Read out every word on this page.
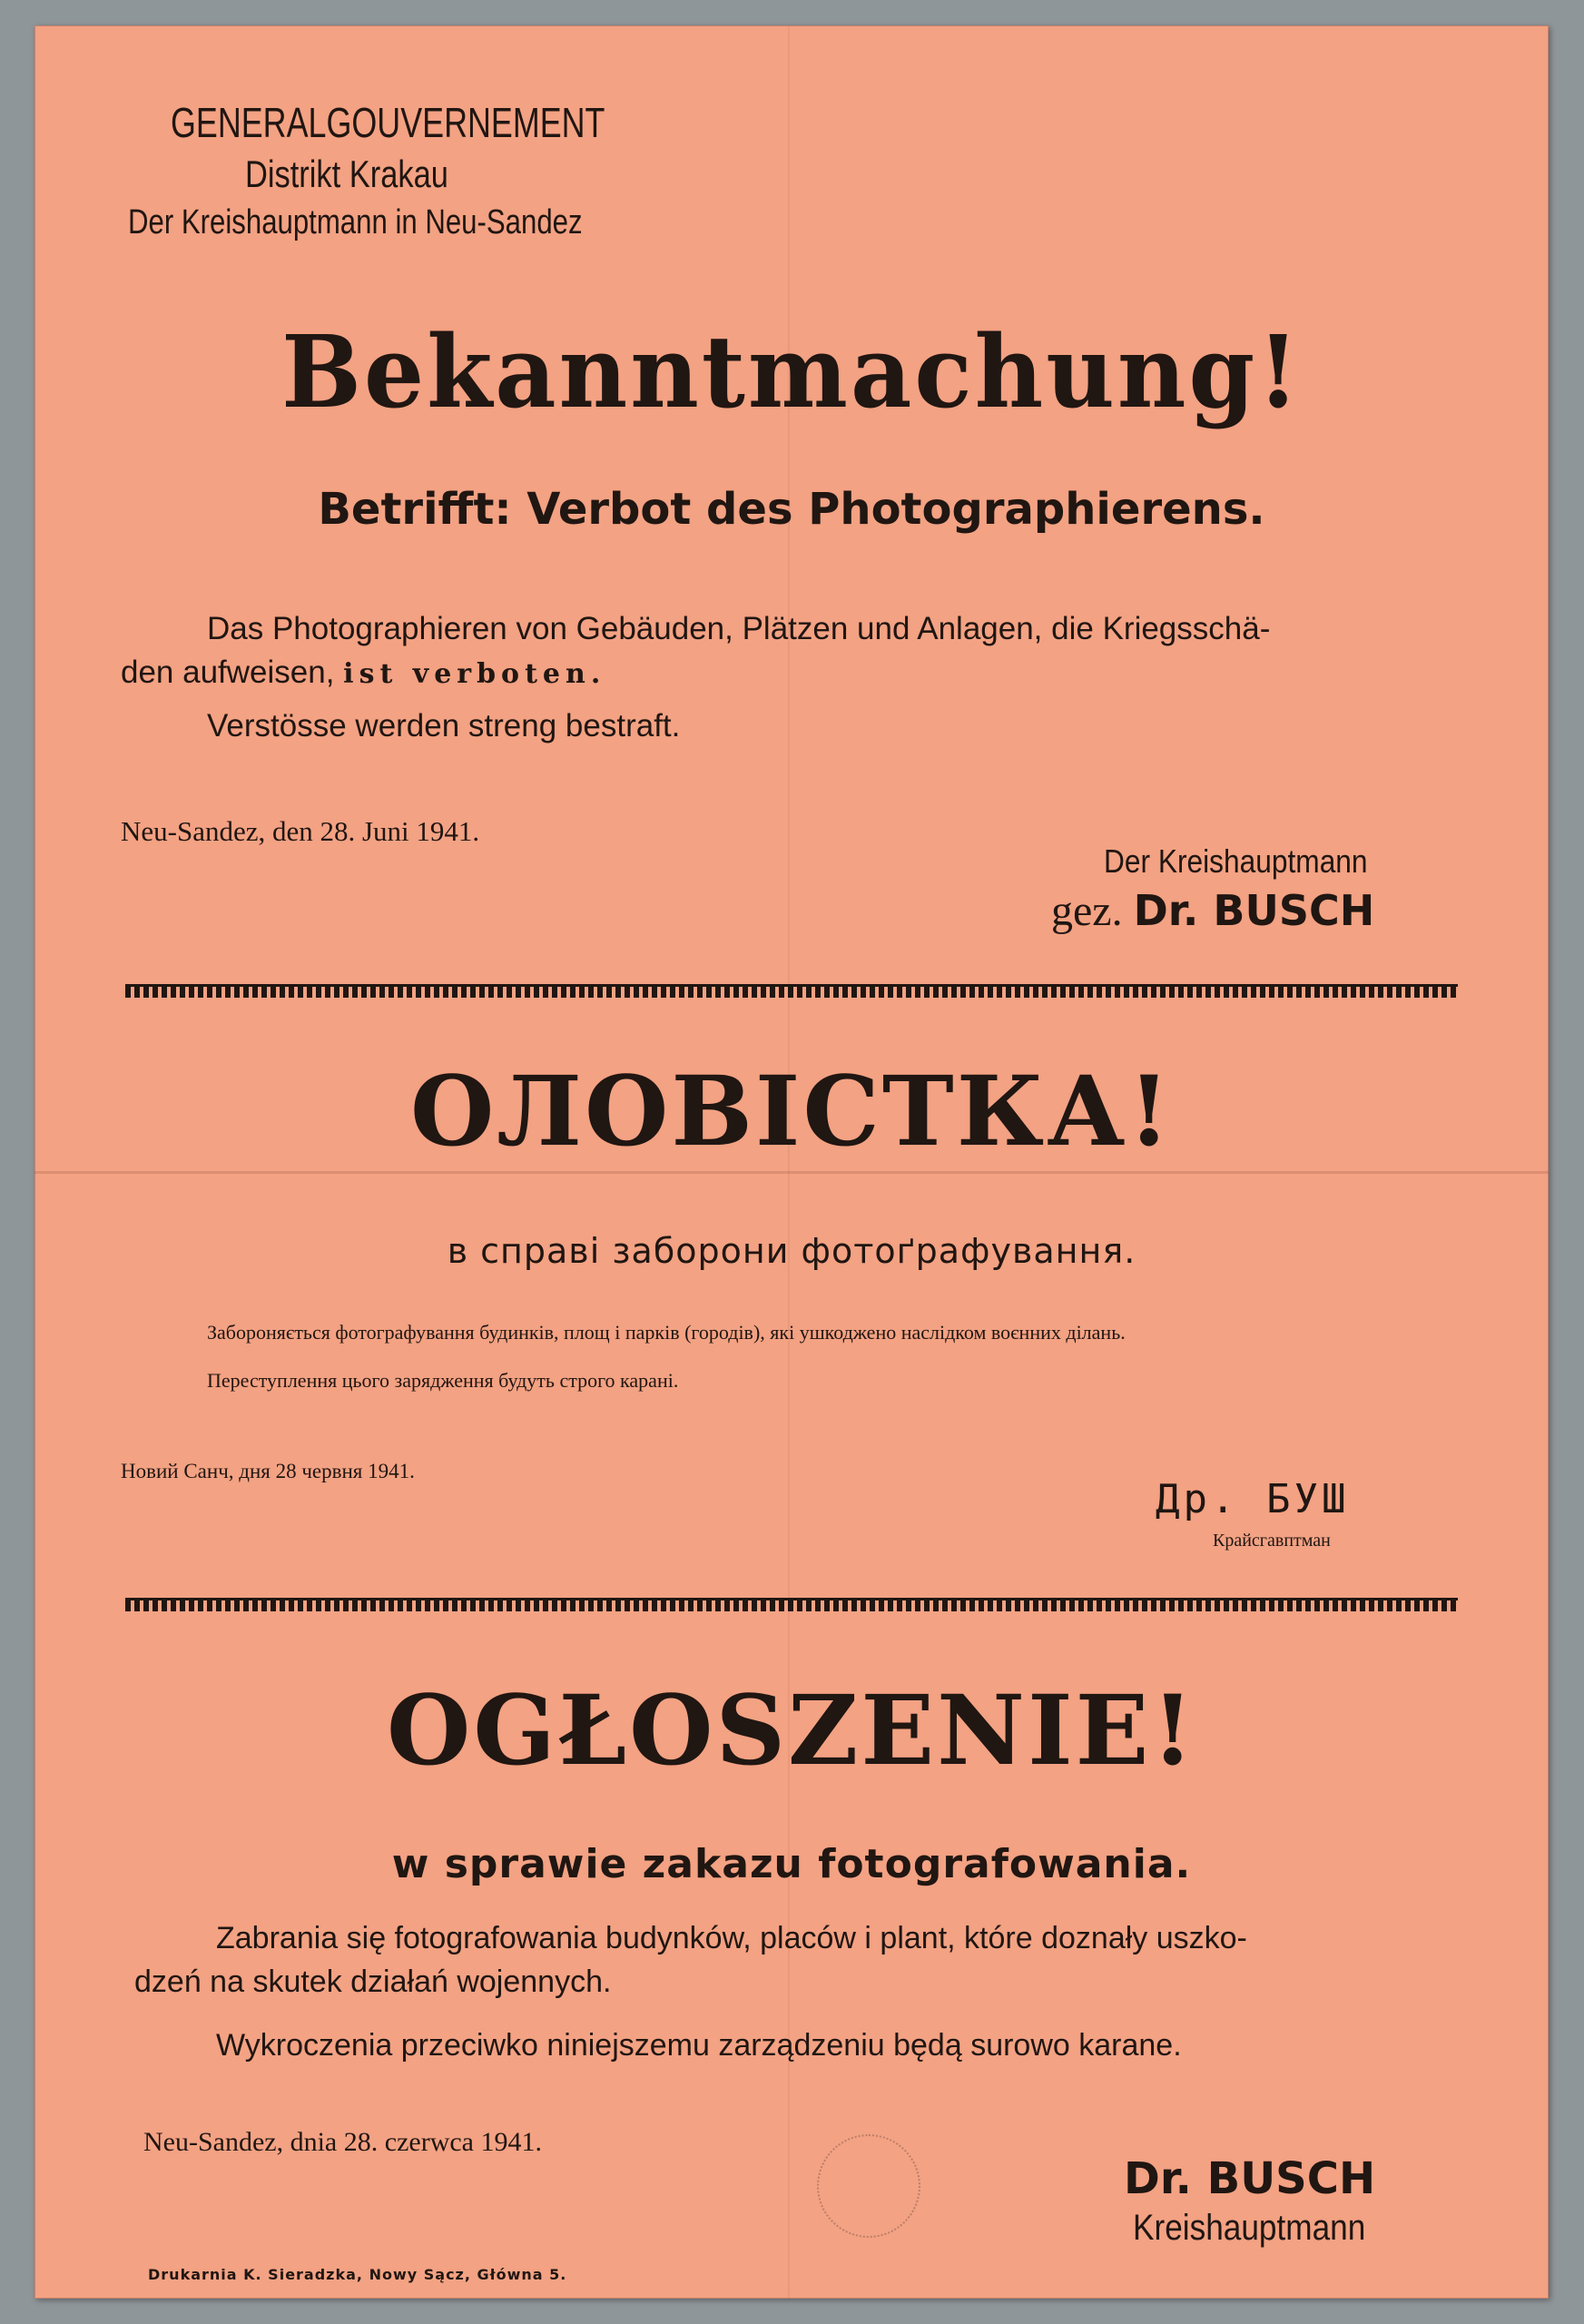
GENERALGOUVERNEMENT
Distrikt Krakau
Der Kreishauptmann in Neu-Sandez
Bekanntmachung!
Betrifft: Verbot des Photographierens.
Das Photographieren von Gebäuden, Plätzen und Anlagen, die Kriegsschä-
den aufweisen, ist verboten.
Verstösse werden streng bestraft.
Neu-Sandez, den 28. Juni 1941.
Der Kreishauptmann
gez. Dr. BUSCH
ОЛОВІСТКА!
в справі заборони фотоґрафування.
Забороняється фотографування будинків, площ і парків (городів), які ушкоджено наслідком воєнних ділань.
Переступлення цього зарядження будуть строго карані.
Новий Санч, дня 28 червня 1941.
Др. БУШ
Крайсгавптман
OGŁOSZENIE!
w sprawie zakazu fotografowania.
Zabrania się fotografowania budynków, placów i plant, które doznały uszko-
dzeń na skutek działań wojennych.
Wykroczenia przeciwko niniejszemu zarządzeniu będą surowo karane.
Neu-Sandez, dnia 28. czerwca 1941.
Dr. BUSCH
Kreishauptmann
Drukarnia K. Sieradzka, Nowy Sącz, Główna 5.
